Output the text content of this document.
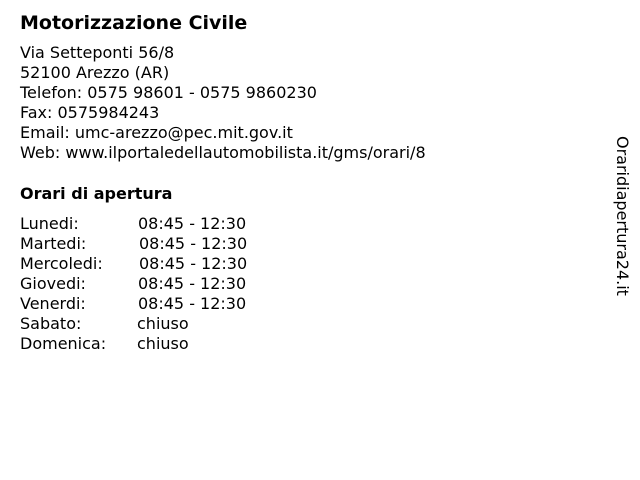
Motorizzazione Civile
Via Setteponti 56/8
52100 Arezzo (AR)
Telefon: 0575 98601 - 0575 9860230
Fax: 0575984243
Email: umc-arezzo@pec.mit.gov.it
Web: www.ilportaledellautomobilista.it/gms/orari/8
Orari di apertura
Lunedi:	08:45 - 12:30
Martedi:	08:45 - 12:30
Mercoledi: 08:45 - 12:30
Giovedi:	08:45 - 12:30
Venerdi:	08:45 - 12:30
Sabato:	chiuso
Domenica: chiuso
Oraridiapertura24.it
